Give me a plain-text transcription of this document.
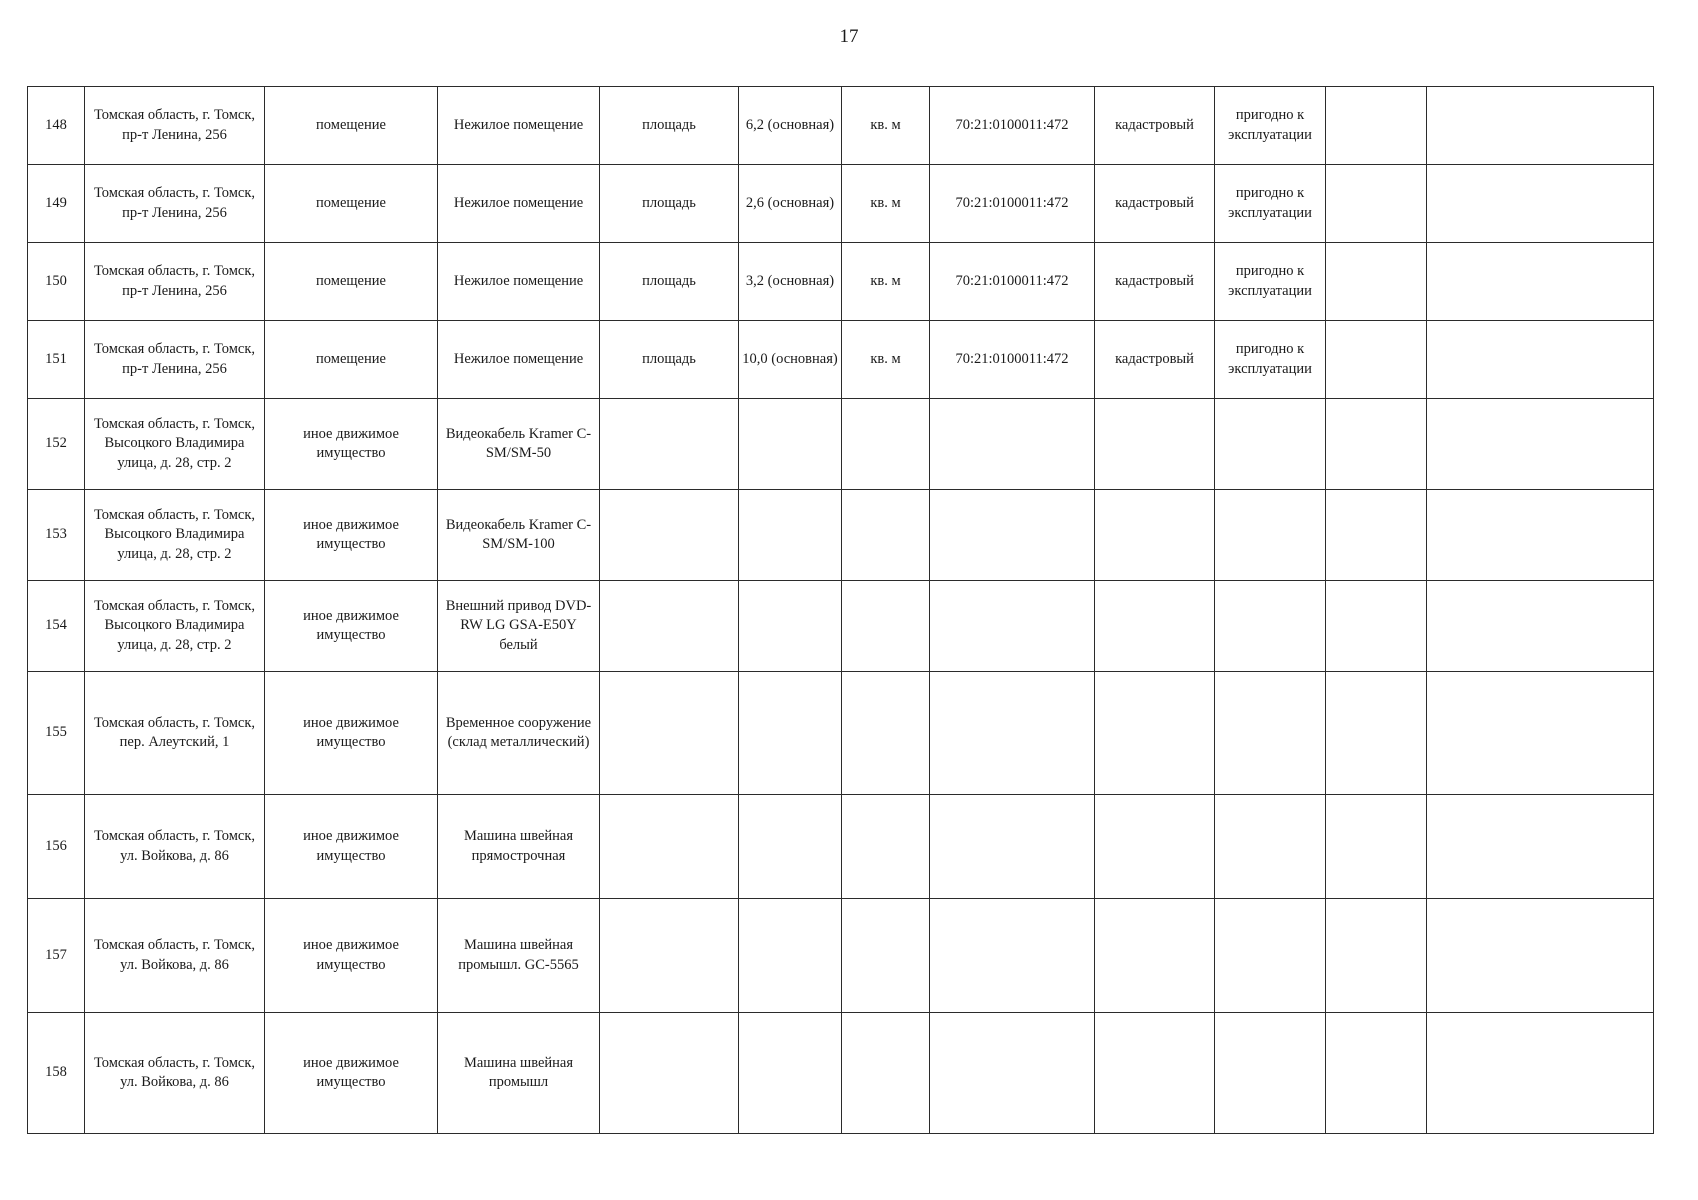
17
148	Томская область, г. Томск, пр-т Ленина, 256	помещение	Нежилое помещение	площадь	6,2 (основная)	кв. м	70:21:0100011:472	кадастровый	пригодно к эксплуатации		
149	Томская область, г. Томск, пр-т Ленина, 256	помещение	Нежилое помещение	площадь	2,6 (основная)	кв. м	70:21:0100011:472	кадастровый	пригодно к эксплуатации		
150	Томская область, г. Томск, пр-т Ленина, 256	помещение	Нежилое помещение	площадь	3,2 (основная)	кв. м	70:21:0100011:472	кадастровый	пригодно к эксплуатации		
151	Томская область, г. Томск, пр-т Ленина, 256	помещение	Нежилое помещение	площадь	10,0 (основная)	кв. м	70:21:0100011:472	кадастровый	пригодно к эксплуатации		
152	Томская область, г. Томск, Высоцкого Владимира улица, д. 28, стр. 2	иное движимое имущество	Видеокабель Kramer C-SM/SM-50								
153	Томская область, г. Томск, Высоцкого Владимира улица, д. 28, стр. 2	иное движимое имущество	Видеокабель Kramer C-SM/SM-100								
154	Томская область, г. Томск, Высоцкого Владимира улица, д. 28, стр. 2	иное движимое имущество	Внешний привод DVD-RW LG GSA-E50Y белый								
155	Томская область, г. Томск, пер. Алеутский, 1	иное движимое имущество	Временное сооружение (склад металлический)								
156	Томская область, г. Томск, ул. Войкова, д. 86	иное движимое имущество	Машина швейная прямострочная								
157	Томская область, г. Томск, ул. Войкова, д. 86	иное движимое имущество	Машина швейная промышл. GC-5565								
158	Томская область, г. Томск, ул. Войкова, д. 86	иное движимое имущество	Машина швейная промышл								
